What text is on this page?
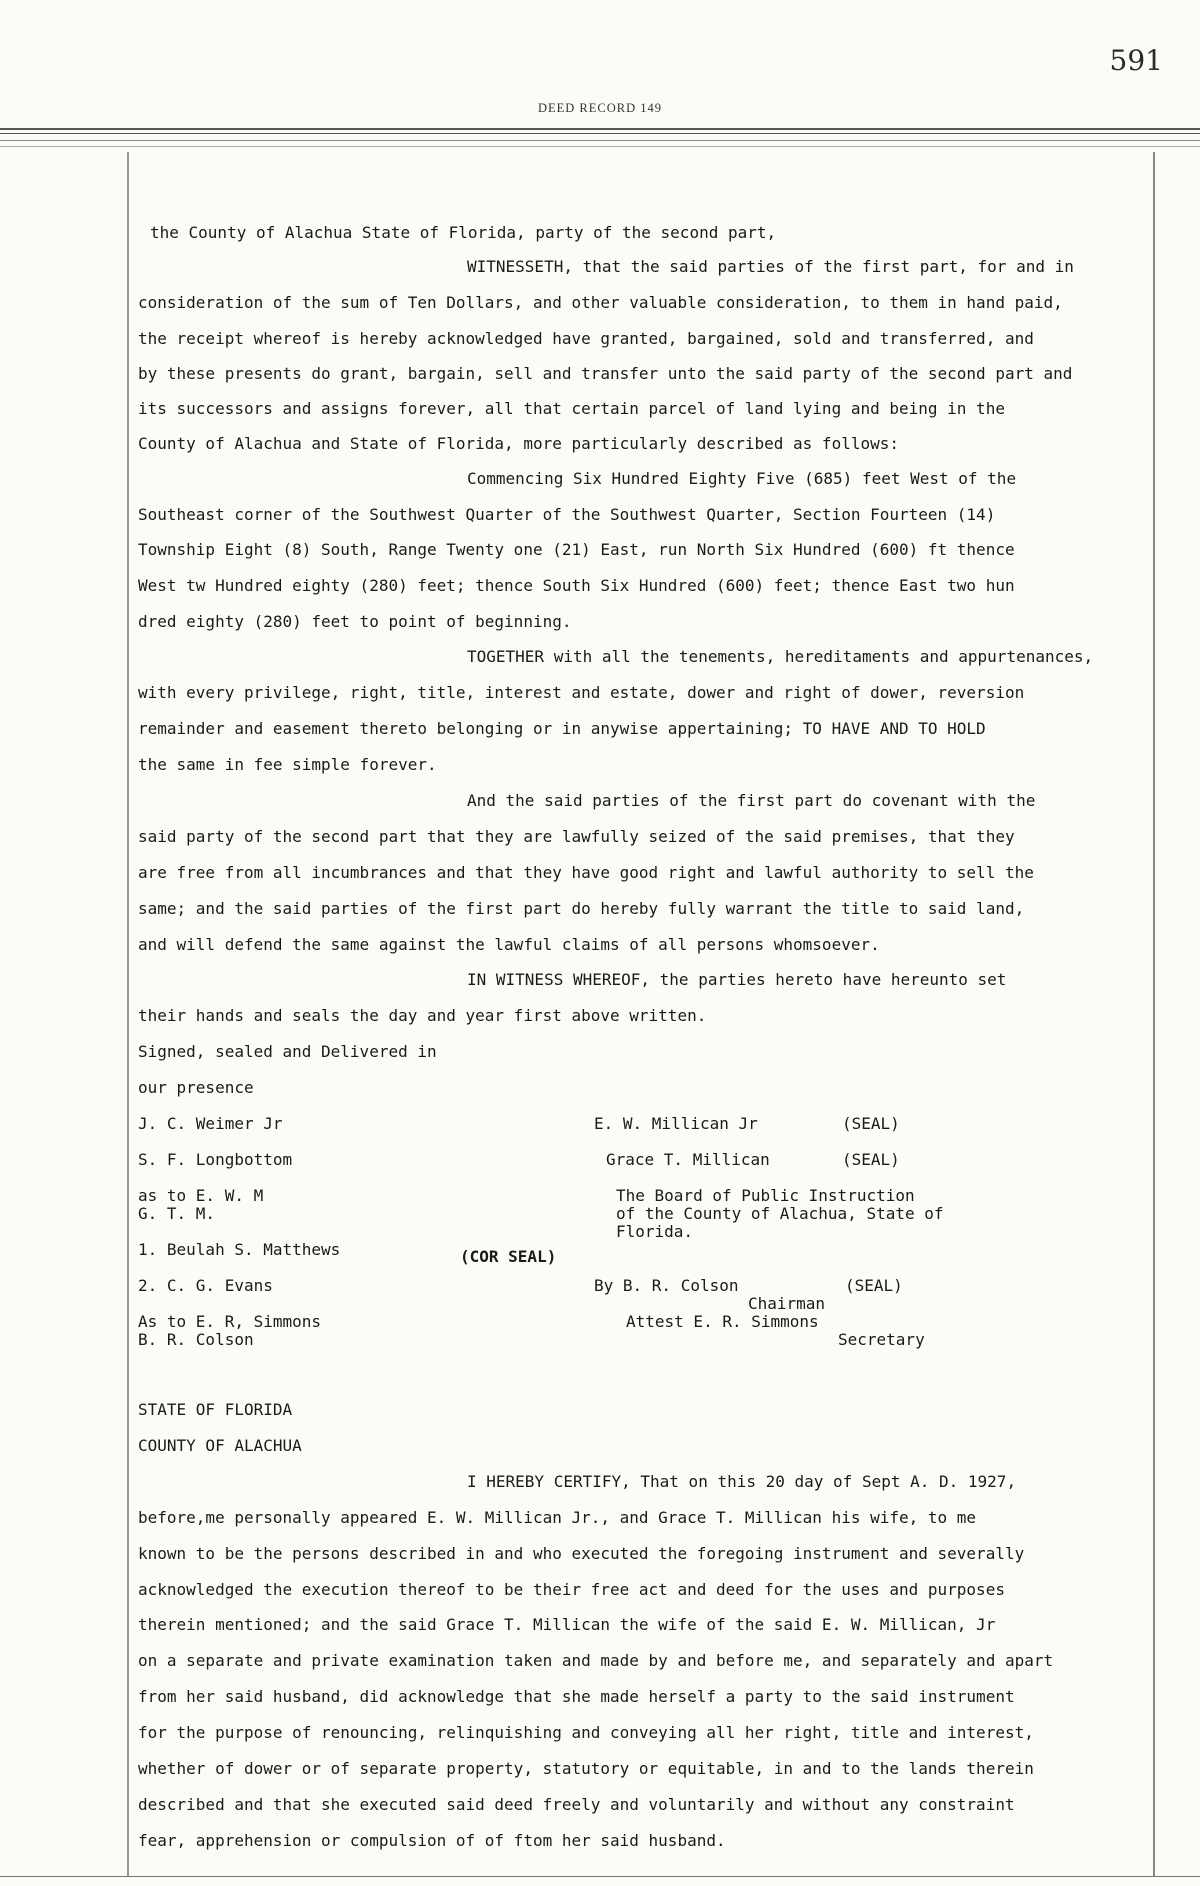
591
DEED RECORD 149
the County of Alachua State of Florida, party of the second part,
WITNESSETH, that the said parties of the first part, for and in
consideration of the sum of Ten Dollars, and other valuable consideration, to them in hand paid,
the receipt whereof is hereby acknowledged have granted, bargained, sold and transferred, and
by these presents do grant, bargain, sell and transfer unto the said party of the second part and
its successors and assigns forever, all that certain parcel of land lying and being in the
County of Alachua and State of Florida, more particularly described as follows:
Commencing Six Hundred Eighty Five (685) feet West of the
Southeast corner of the Southwest Quarter of the Southwest Quarter, Section Fourteen (14)
Township Eight (8) South, Range Twenty one (21) East, run North Six Hundred (600) ft thence
West tw Hundred eighty (280) feet; thence South Six Hundred (600) feet; thence East two hun
dred eighty (280) feet to point of beginning.
TOGETHER with all the tenements, hereditaments and appurtenances,
with every privilege, right, title, interest and estate, dower and right of dower, reversion
remainder and easement thereto belonging or in anywise appertaining; TO HAVE AND TO HOLD
the same in fee simple forever.
And the said parties of the first part do covenant with the
said party of the second part that they are lawfully seized of the said premises, that they
are free from all incumbrances and that they have good right and lawful authority to sell the
same; and the said parties of the first part do hereby fully warrant the title to said land,
and will defend the same against the lawful claims of all persons whomsoever.
IN WITNESS WHEREOF, the parties hereto have hereunto set
their hands and seals the day and year first above written.
Signed, sealed and Delivered in
our presence
J. C. Weimer Jr
S. F. Longbottom
as to E. W. M
G. T. M.
1. Beulah S. Matthews
2. C. G. Evans
As to E. R, Simmons
B. R. Colson
E. W. Millican Jr	(SEAL)
Grace T. Millican	(SEAL)
The Board of Public Instruction
of the County of Alachua, State of
Florida.
By B. R. Colson	(SEAL)
Chairman
Attest E. R. Simmons
Secretary
(COR SEAL)
STATE OF FLORIDA
COUNTY OF ALACHUA
I HEREBY CERTIFY, That on this 20 day of Sept A. D. 1927,
before,me personally appeared E. W. Millican Jr., and Grace T. Millican his wife, to me
known to be the persons described in and who executed the foregoing instrument and severally
acknowledged the execution thereof to be their free act and deed for the uses and purposes
therein mentioned; and the said Grace T. Millican the wife of the said E. W. Millican, Jr
on a separate and private examination taken and made by and before me, and separately and apart
from her said husband, did acknowledge that she made herself a party to the said instrument
for the purpose of renouncing, relinquishing and conveying all her right, title and interest,
whether of dower or of separate property, statutory or equitable, in and to the lands therein
described and that she executed said deed freely and voluntarily and without any constraint
fear, apprehension or compulsion of of ftom her said husband.
